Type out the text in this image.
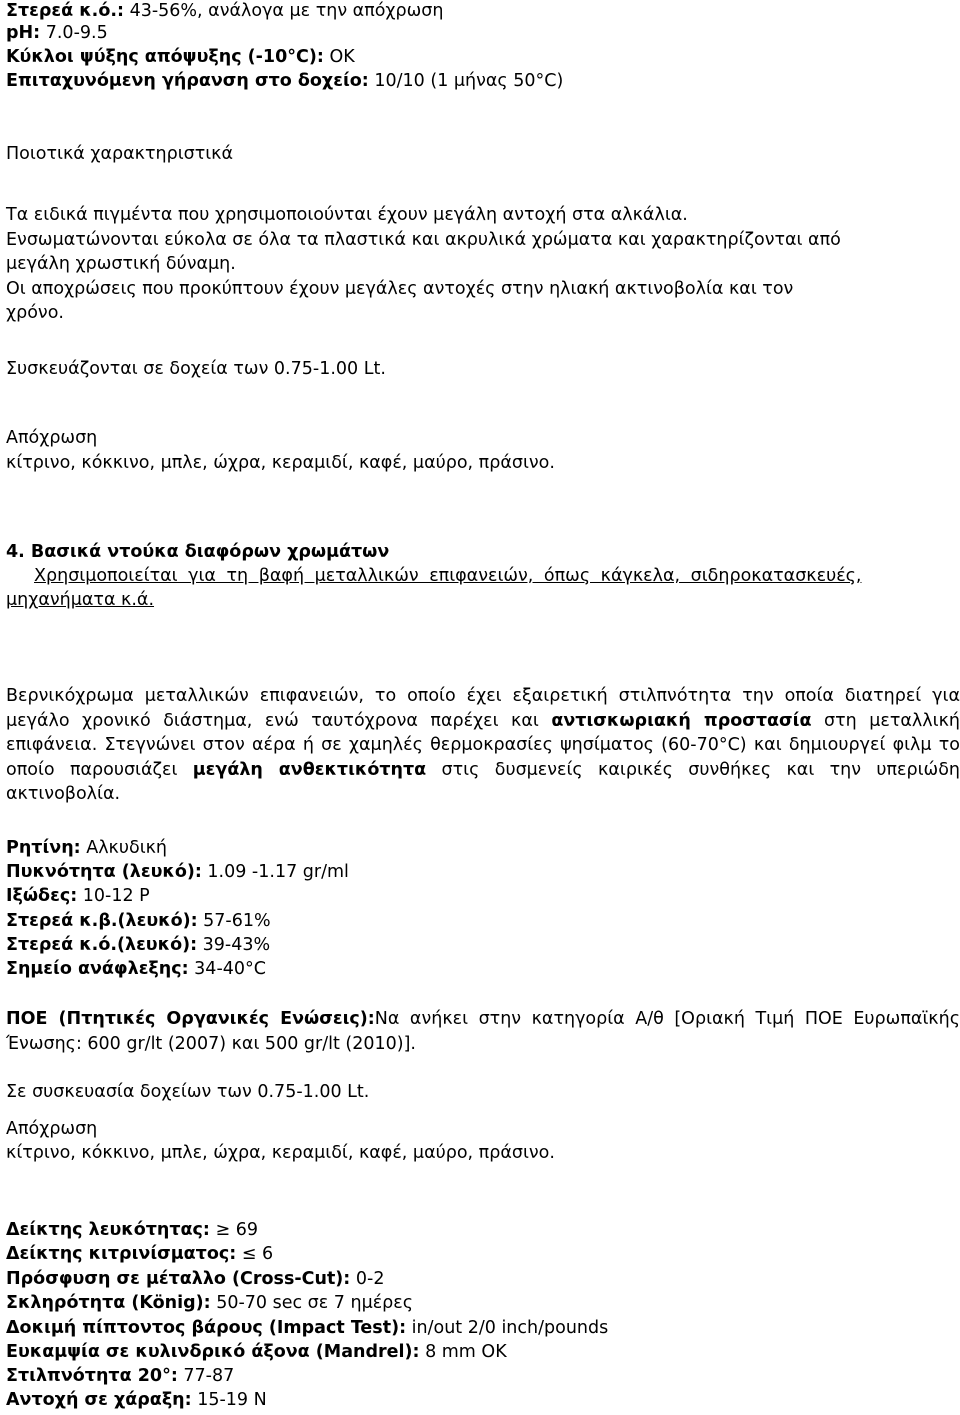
Στερεά κ.ό.: 43-56%, ανάλογα με την απόχρωση
pH: 7.0-9.5
Κύκλοι ψύξης απόψυξης (-10°C): OK
Επιταχυνόμενη γήρανση στο δοχείο: 10/10 (1 μήνας 50°C)
Ποιοτικά χαρακτηριστικά
Τα ειδικά πιγμέντα που χρησιμοποιούνται έχουν μεγάλη αντοχή στα αλκάλια.
Ενσωματώνονται εύκολα σε όλα τα πλαστικά και ακρυλικά χρώματα και χαρακτηρίζονται από
μεγάλη χρωστική δύναμη.
Οι αποχρώσεις που προκύπτουν έχουν μεγάλες αντοχές στην ηλιακή ακτινοβολία και τον
χρόνο.
Συσκευάζονται σε δοχεία των 0.75-1.00 Lt.
Απόχρωση
κίτρινο, κόκκινο, μπλε, ώχρα, κεραμιδί, καφέ, μαύρο, πράσινο.
4. Βασικά ντούκα διαφόρων χρωμάτων
Χρησιμοποιείται για τη βαφή μεταλλικών επιφανειών, όπως κάγκελα, σιδηροκατασκευές,
μηχανήματα κ.ά.
Βερνικόχρωμα μεταλλικών επιφανειών, το οποίο έχει εξαιρετική στιλπνότητα την οποία διατηρεί για μεγάλο χρονικό διάστημα, ενώ ταυτόχρονα παρέχει και αντισκωριακή προστασία στη μεταλλική επιφάνεια. Στεγνώνει στον αέρα ή σε χαμηλές θερμοκρασίες ψησίματος (60-70°C) και δημιουργεί φιλμ το οποίο παρουσιάζει μεγάλη ανθεκτικότητα στις δυσμενείς καιρικές συνθήκες και την υπεριώδη ακτινοβολία.
Ρητίνη: Αλκυδική
Πυκνότητα (λευκό): 1.09 -1.17 gr/ml
Ιξώδες: 10-12 P
Στερεά κ.β.(λευκό): 57-61%
Στερεά κ.ό.(λευκό): 39-43%
Σημείο ανάφλεξης: 34-40°C
ΠΟΕ (Πτητικές Οργανικές Ενώσεις):Να ανήκει στην κατηγορία Α/θ [Οριακή Τιμή ΠΟΕ Ευρωπαϊκής Ένωσης: 600 gr/lt (2007) και 500 gr/lt (2010)].
Σε συσκευασία δοχείων των 0.75-1.00 Lt.
Απόχρωση
κίτρινο, κόκκινο, μπλε, ώχρα, κεραμιδί, καφέ, μαύρο, πράσινο.
Δείκτης λευκότητας: ≥ 69
Δείκτης κιτρινίσματος: ≤ 6
Πρόσφυση σε μέταλλο (Cross-Cut): 0-2
Σκληρότητα (König): 50-70 sec σε 7 ημέρες
Δοκιμή πίπτοντος βάρους (Impact Test): in/out 2/0 inch/pounds
Ευκαμψία σε κυλινδρικό άξονα (Mandrel): 8 mm OK
Στιλπνότητα 20°: 77-87
Αντοχή σε χάραξη: 15-19 N
